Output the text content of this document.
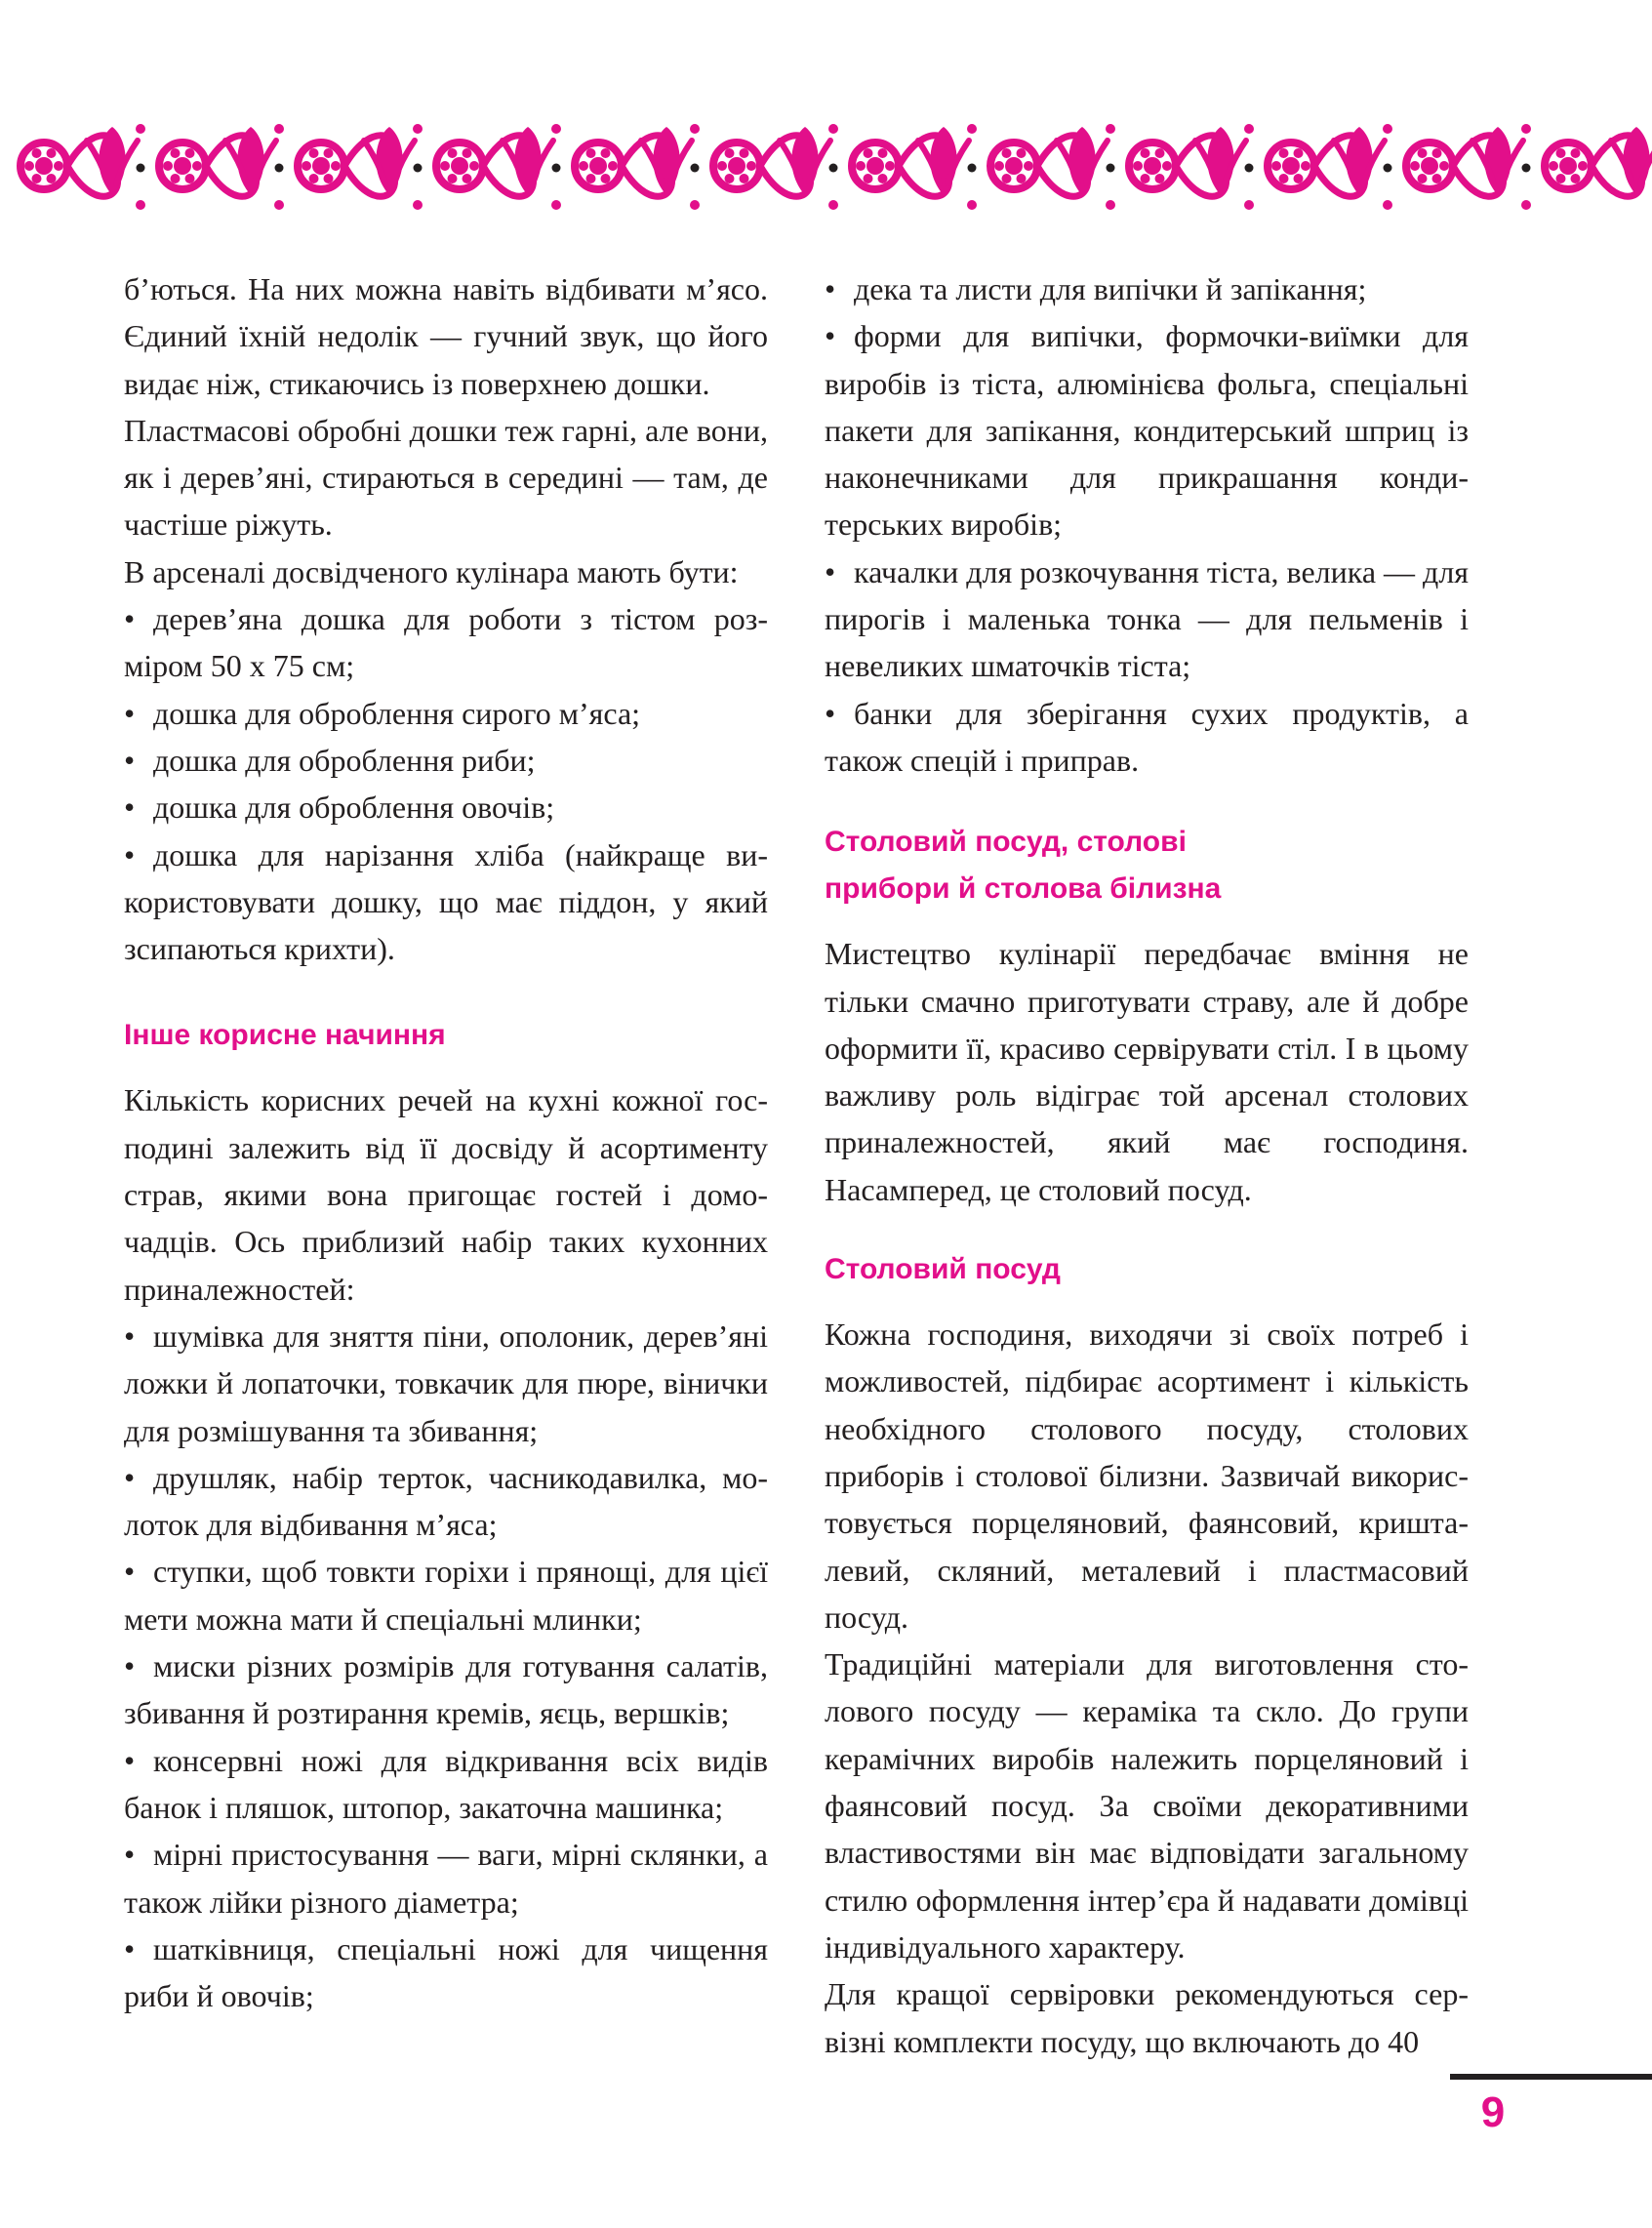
б’ються. На них можна навіть відбивати м’ясо. Єдиний їхній недолік — гучний звук, що його видає ніж, стикаючись із поверхнею дошки.

Пластмасові обробні дошки теж гарні, але вони, як і дерев’яні, стираються в середині — там, де частіше ріжуть.

В арсеналі досвідченого кулінара мають бути:

• дерев’яна дошка для роботи з тістом розміром 50 х 75 см;

• дошка для оброблення сирого м’яса;

• дошка для оброблення риби;

• дошка для оброблення овочів;

• дошка для нарізання хліба (найкраще використовувати дошку, що має піддон, у який зсипаються крихти).

Інше корисне начиння

Кількість корисних речей на кухні кожної господині залежить від її досвіду й асортименту страв, якими вона пригощає гостей і домочадців. Ось приблизий набір таких кухонних приналежностей:

• шумівка для зняття піни, ополоник, дерев’яні ложки й лопаточки, товкачик для пюре, вінички для розмішування та збивання;

• друшляк, набір терток, часникодавилка, молоток для відбивання м’яса;

• ступки, щоб товкти горіхи і прянощі, для цієї мети можна мати й спеціальні млинки;

• миски різних розмірів для готування салатів, збивання й розтирання кремів, яєць, вершків;

• консервні ножі для відкривання всіх видів банок і пляшок, штопор, закаточна машинка;

• мірні пристосування — ваги, мірні склянки, а також лійки різного діаметра;

• шатківниця, спеціальні ножі для чищення риби й овочів;

• дека та листи для випічки й запікання;

• форми для випічки, формочки-виїмки для виробів із тіста, алюмінієва фольга, спеціальні пакети для запікання, кондитерський шприц із наконечниками для прикрашання кондитерських виробів;

• качалки для розкочування тіста, велика — для пирогів і маленька тонка — для пельменів і невеликих шматочків тіста;

• банки для зберігання сухих продуктів, а також спецій і приправ.

Столовий посуд, столові
прибори й столова білизна

Мистецтво кулінарії передбачає вміння не тільки смачно приготувати страву, але й добре оформити її, красиво сервірувати стіл. І в цьому важливу роль відіграє той арсенал столових приналежностей, який має господиня. Насамперед, це столовий посуд.

Столовий посуд

Кожна господиня, виходячи зі своїх потреб і можливостей, підбирає асортимент і кількість необхідного столового посуду, столових приборів і столової білизни. Зазвичай використовується порцеляновий, фаянсовий, кришталевий, скляний, металевий і пластмасовий посуд.

Традиційні матеріали для виготовлення столового посуду — кераміка та скло. До групи керамічних виробів належить порцеляновий і фаянсовий посуд. За своїми декоративними властивостями він має відповідати загальному стилю оформлення інтер’єра й надавати домівці індивідуального характеру.

Для кращої сервіровки рекомендуються сервізні комплекти посуду, що включають до 40

9
